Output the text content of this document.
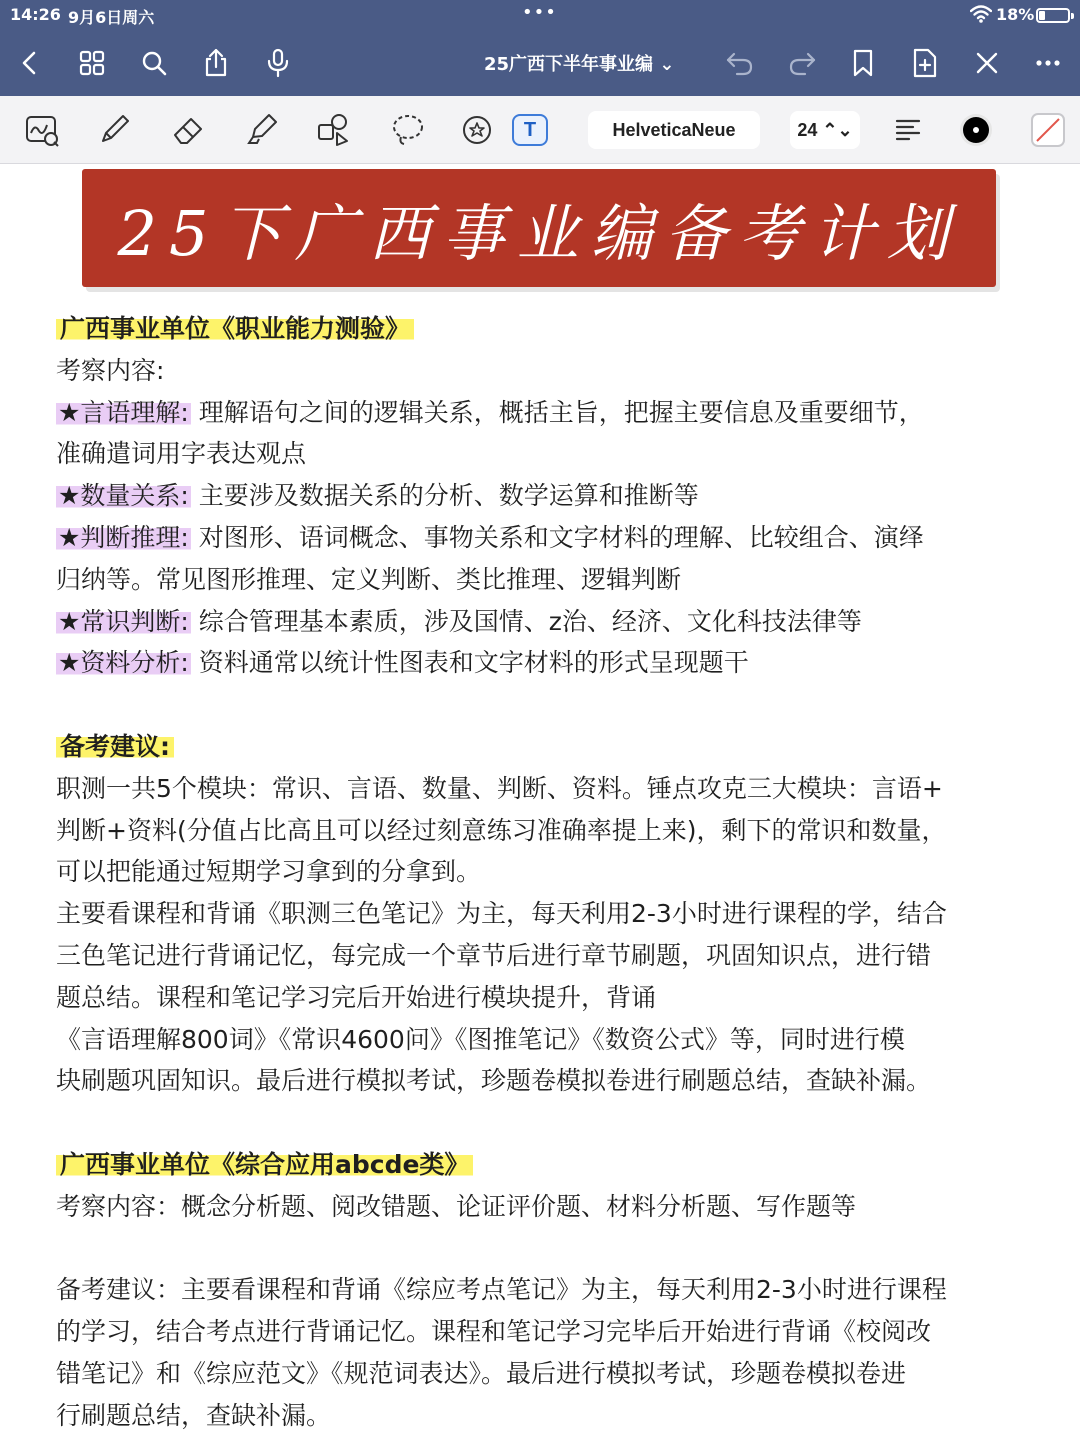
14:26 9月6日周六	•••	18%
25广西下半年事业编 ⌄
T	HelveticaNeue	24 ⌃⌄
25下广西事业编备考计划
广西事业单位《职业能力测验》
考察内容:
★言语理解: 理解语句之间的逻辑关系，概括主旨，把握主要信息及重要细节，
准确遣词用字表达观点
★数量关系: 主要涉及数据关系的分析、数学运算和推断等
★判断推理: 对图形、语词概念、事物关系和文字材料的理解、比较组合、演绎
归纳等。常见图形推理、定义判断、类比推理、逻辑判断
★常识判断: 综合管理基本素质，涉及国情、z治、经济、文化科技法律等
★资料分析: 资料通常以统计性图表和文字材料的形式呈现题干
备考建议:
职测一共5个模块：常识、言语、数量、判断、资料。锤点攻克三大模块：言语+
判断+资料(分值占比高且可以经过刻意练习准确率提上来)，剩下的常识和数量，
可以把能通过短期学习拿到的分拿到。
主要看课程和背诵《职测三色笔记》为主，每天利用2-3小时进行课程的学，结合
三色笔记进行背诵记忆，每完成一个章节后进行章节刷题，巩固知识点，进行错
题总结。课程和笔记学习完后开始进行模块提升，背诵
《言语理解800词》《常识4600问》《图推笔记》《数资公式》等，同时进行模
块刷题巩固知识。最后进行模拟考试，珍题卷模拟卷进行刷题总结，查缺补漏。
广西事业单位《综合应用abcde类》
考察内容：概念分析题、阅改错题、论证评价题、材料分析题、写作题等
备考建议：主要看课程和背诵《综应考点笔记》为主，每天利用2-3小时进行课程
的学习，结合考点进行背诵记忆。课程和笔记学习完毕后开始进行背诵《校阅改
错笔记》和《综应范文》《规范词表达》。最后进行模拟考试，珍题卷模拟卷进
行刷题总结，查缺补漏。
